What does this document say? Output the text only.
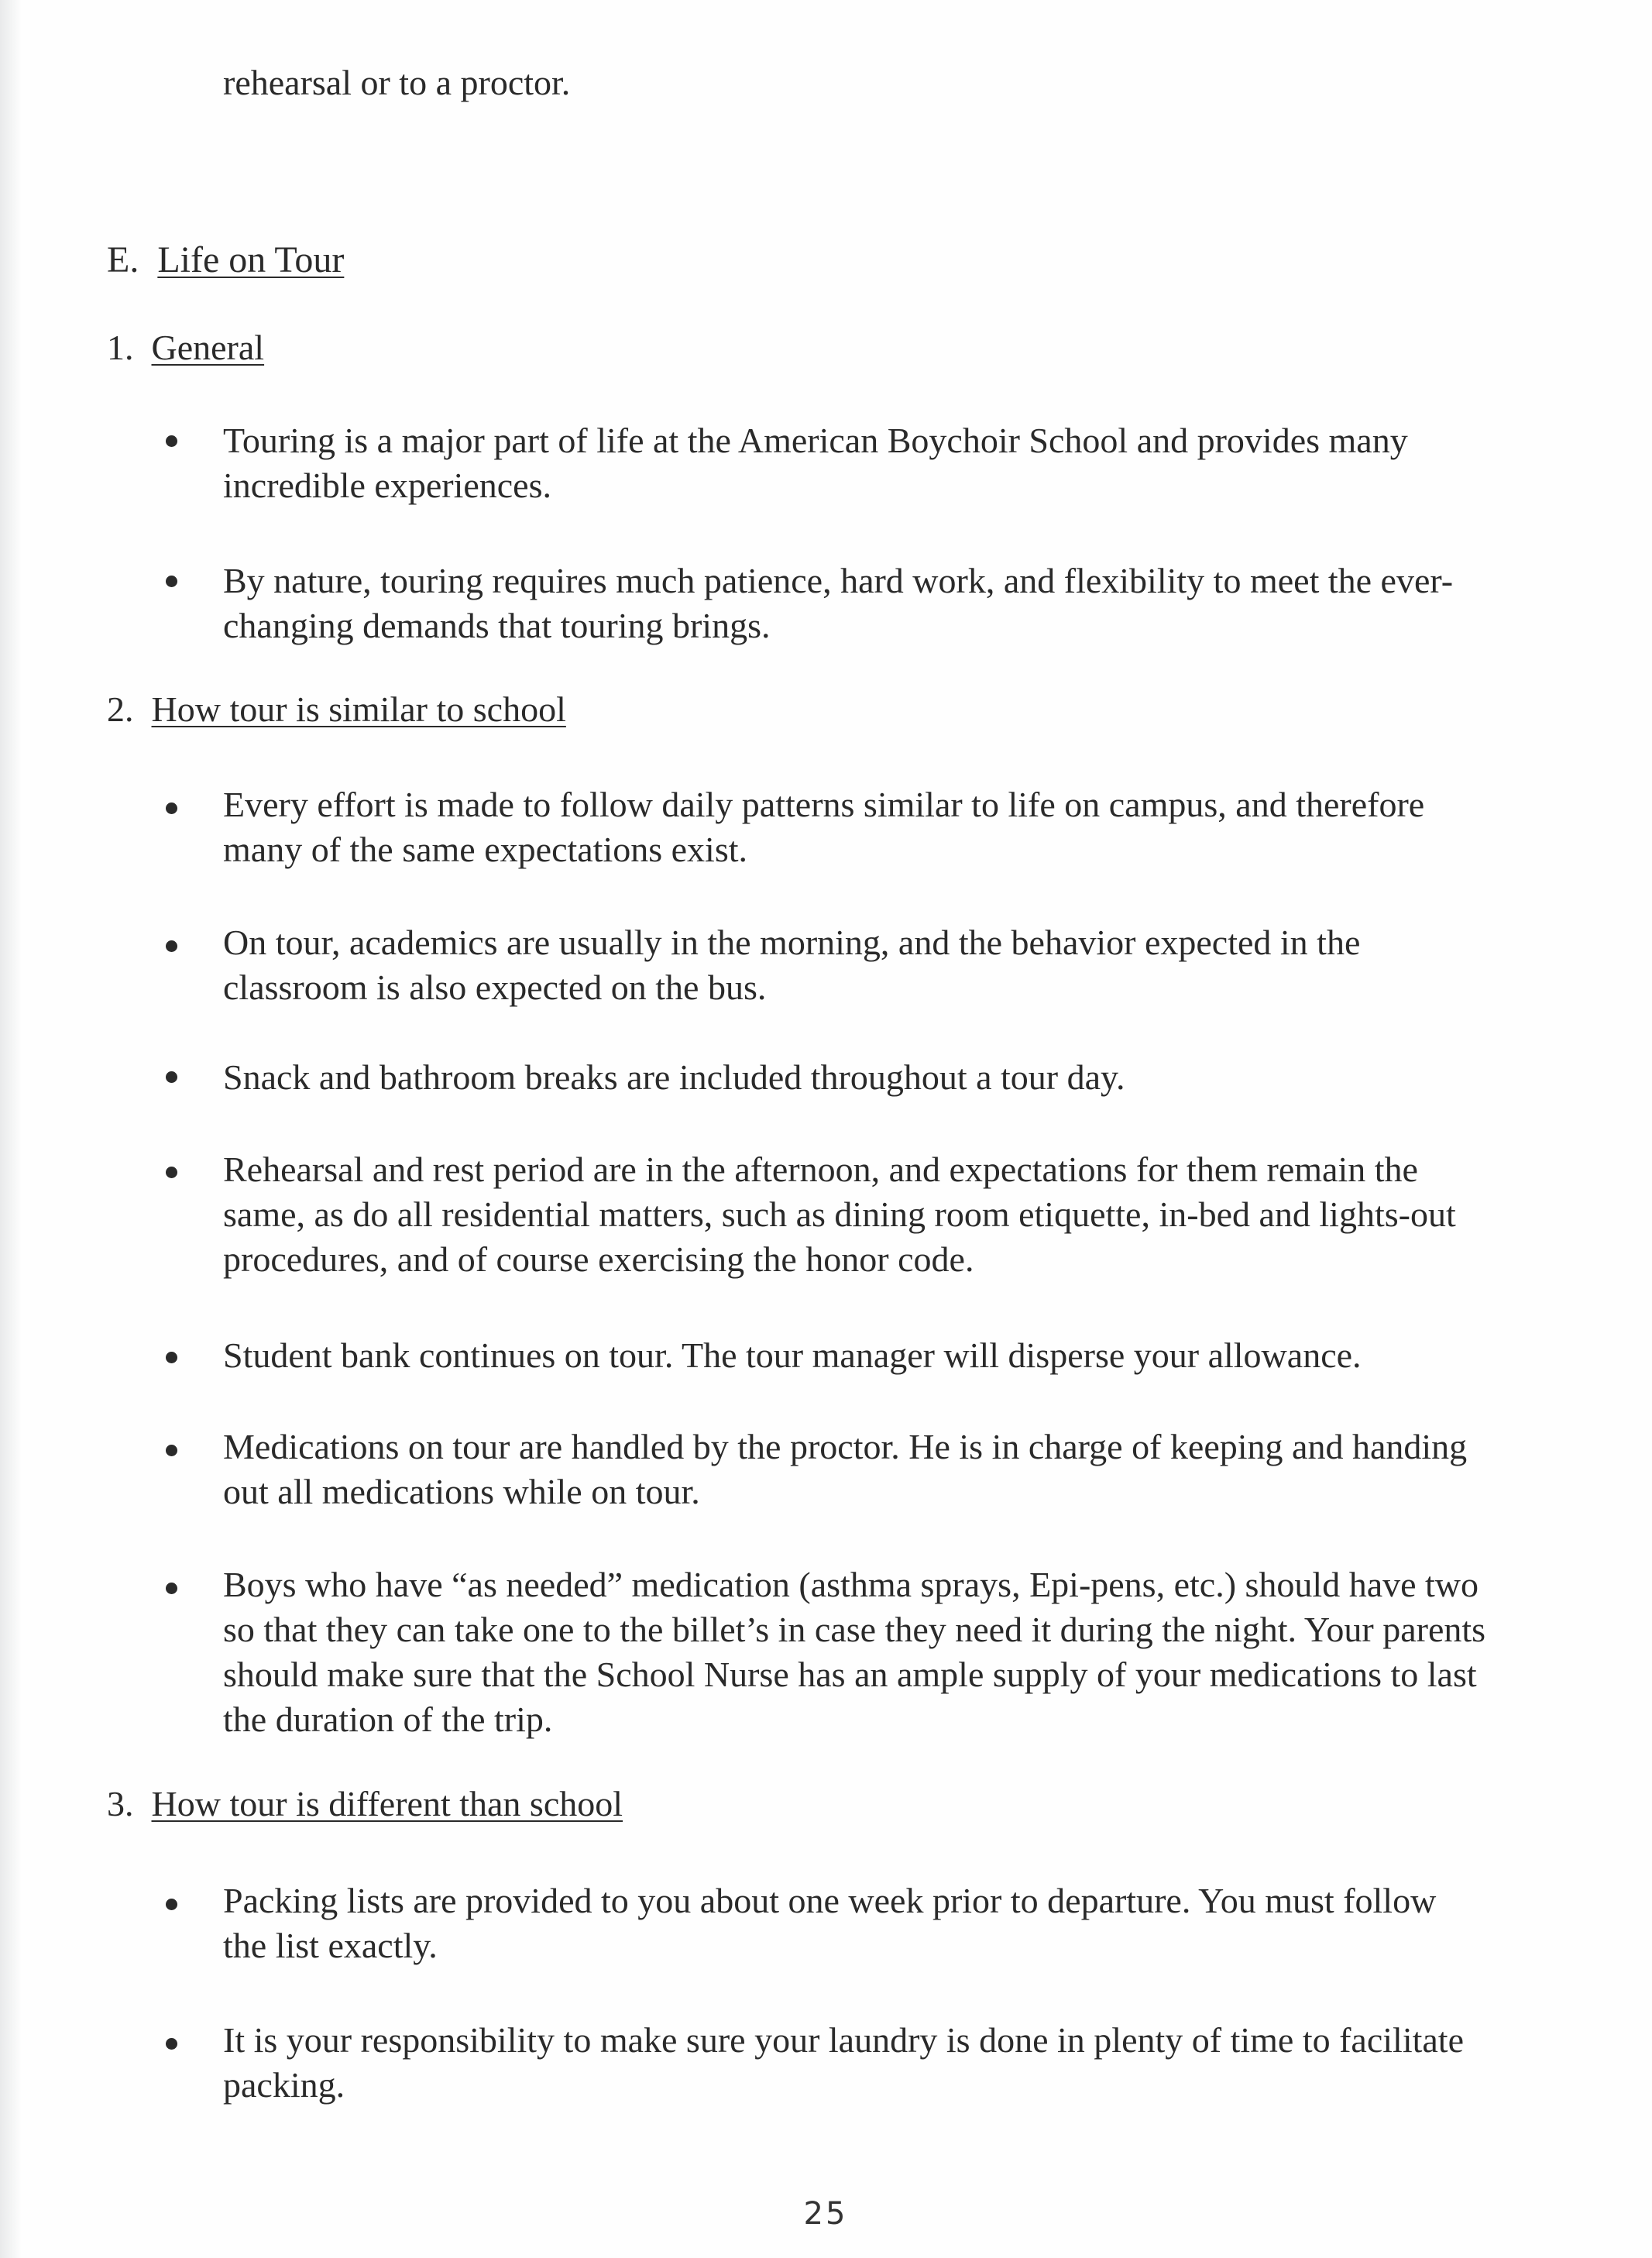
rehearsal or to a proctor.
E. Life on Tour
1. General
Touring is a major part of life at the American Boychoir School and provides many
incredible experiences.
By nature, touring requires much patience, hard work, and flexibility to meet the ever-
changing demands that touring brings.
2. How tour is similar to school
Every effort is made to follow daily patterns similar to life on campus, and therefore
many of the same expectations exist.
On tour, academics are usually in the morning, and the behavior expected in the
classroom is also expected on the bus.
Snack and bathroom breaks are included throughout a tour day.
Rehearsal and rest period are in the afternoon, and expectations for them remain the
same, as do all residential matters, such as dining room etiquette, in-bed and lights-out
procedures, and of course exercising the honor code.
Student bank continues on tour. The tour manager will disperse your allowance.
Medications on tour are handled by the proctor. He is in charge of keeping and handing
out all medications while on tour.
Boys who have “as needed” medication (asthma sprays, Epi-pens, etc.) should have two
so that they can take one to the billet’s in case they need it during the night. Your parents
should make sure that the School Nurse has an ample supply of your medications to last
the duration of the trip.
3. How tour is different than school
Packing lists are provided to you about one week prior to departure. You must follow
the list exactly.
It is your responsibility to make sure your laundry is done in plenty of time to facilitate
packing.
25
